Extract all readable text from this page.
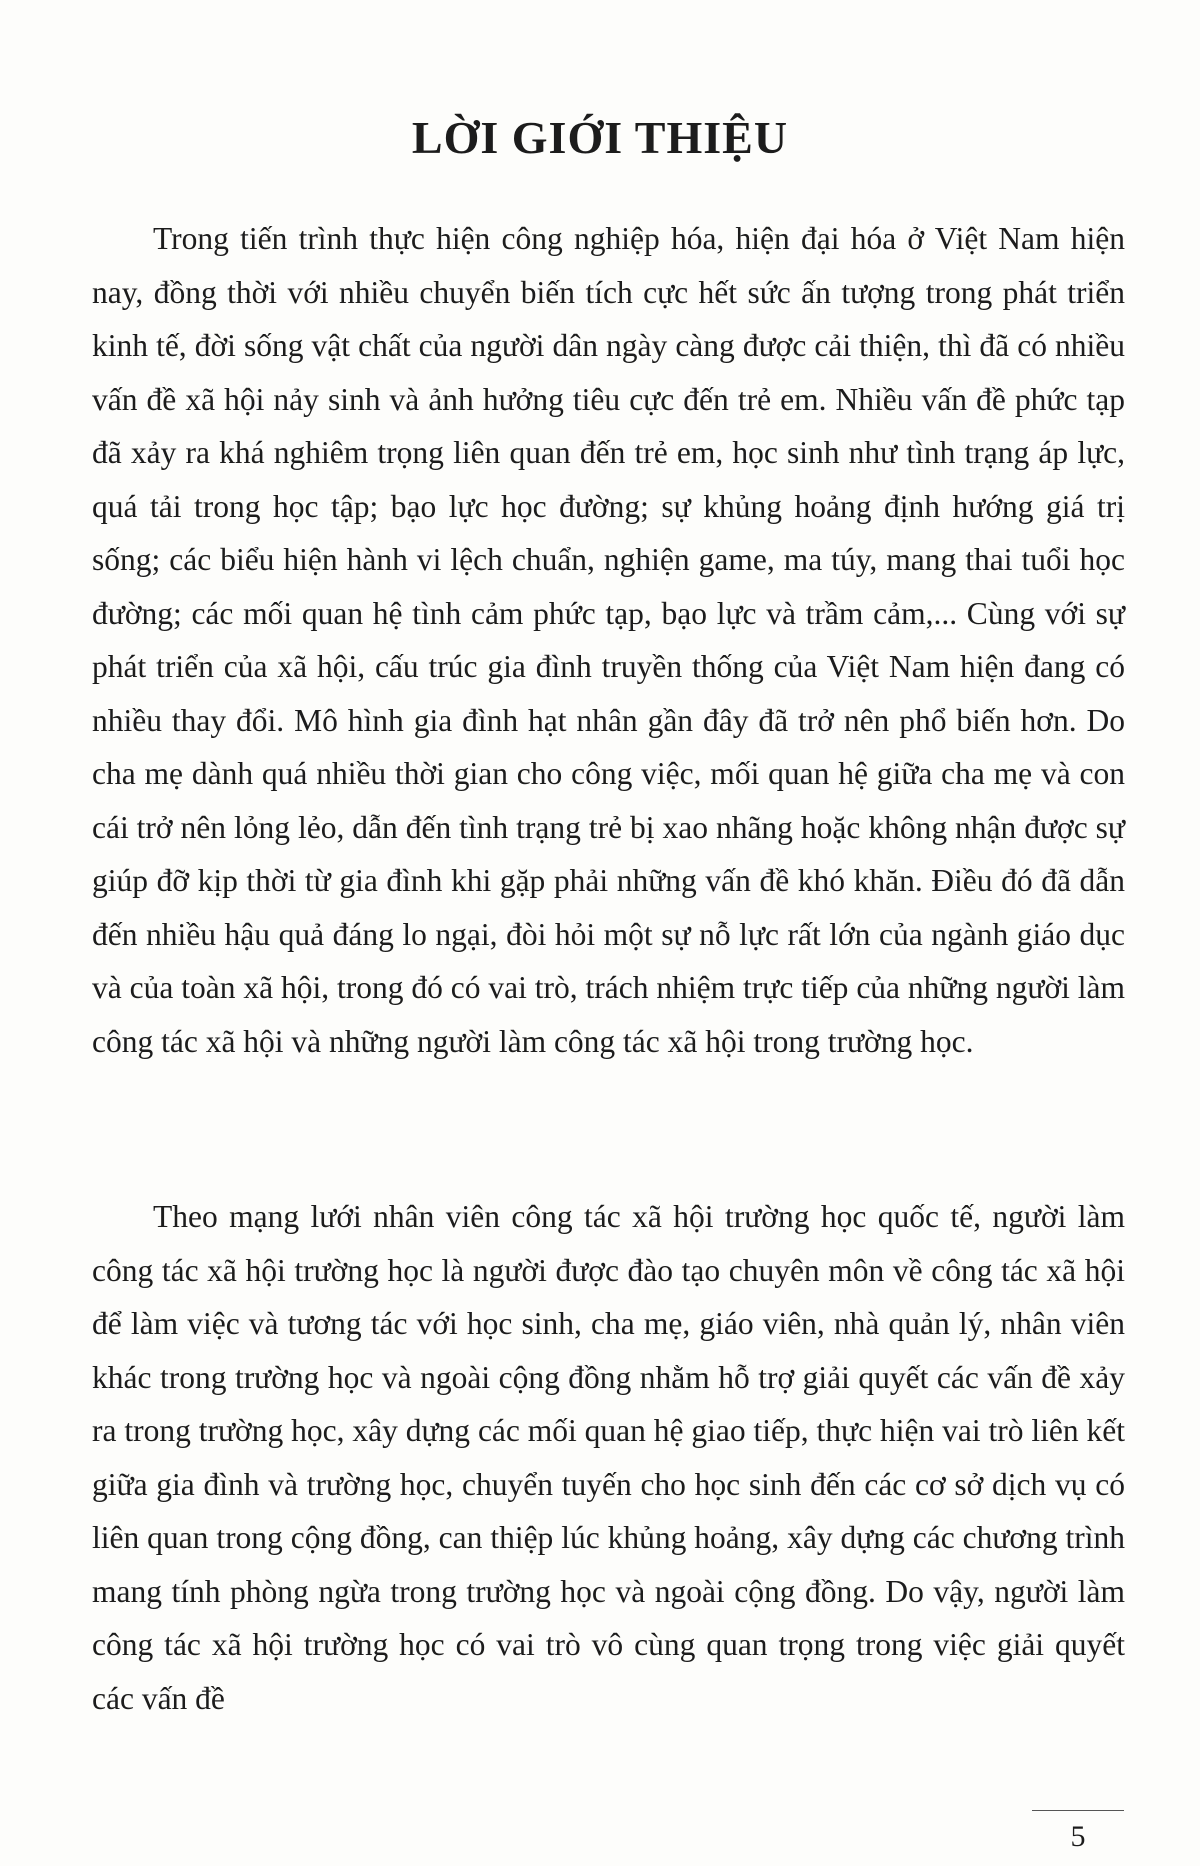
LỜI GIỚI THIỆU

Trong tiến trình thực hiện công nghiệp hóa, hiện đại hóa ở Việt Nam hiện nay, đồng thời với nhiều chuyển biến tích cực hết sức ấn tượng trong phát triển kinh tế, đời sống vật chất của người dân ngày càng được cải thiện, thì đã có nhiều vấn đề xã hội nảy sinh và ảnh hưởng tiêu cực đến trẻ em. Nhiều vấn đề phức tạp đã xảy ra khá nghiêm trọng liên quan đến trẻ em, học sinh như tình trạng áp lực, quá tải trong học tập; bạo lực học đường; sự khủng hoảng định hướng giá trị sống; các biểu hiện hành vi lệch chuẩn, nghiện game, ma túy, mang thai tuổi học đường; các mối quan hệ tình cảm phức tạp, bạo lực và trầm cảm,... Cùng với sự phát triển của xã hội, cấu trúc gia đình truyền thống của Việt Nam hiện đang có nhiều thay đổi. Mô hình gia đình hạt nhân gần đây đã trở nên phổ biến hơn. Do cha mẹ dành quá nhiều thời gian cho công việc, mối quan hệ giữa cha mẹ và con cái trở nên lỏng lẻo, dẫn đến tình trạng trẻ bị xao nhãng hoặc không nhận được sự giúp đỡ kịp thời từ gia đình khi gặp phải những vấn đề khó khăn. Điều đó đã dẫn đến nhiều hậu quả đáng lo ngại, đòi hỏi một sự nỗ lực rất lớn của ngành giáo dục và của toàn xã hội, trong đó có vai trò, trách nhiệm trực tiếp của những người làm công tác xã hội và những người làm công tác xã hội trong trường học.

Theo mạng lưới nhân viên công tác xã hội trường học quốc tế, người làm công tác xã hội trường học là người được đào tạo chuyên môn về công tác xã hội để làm việc và tương tác với học sinh, cha mẹ, giáo viên, nhà quản lý, nhân viên khác trong trường học và ngoài cộng đồng nhằm hỗ trợ giải quyết các vấn đề xảy ra trong trường học, xây dựng các mối quan hệ giao tiếp, thực hiện vai trò liên kết giữa gia đình và trường học, chuyển tuyến cho học sinh đến các cơ sở dịch vụ có liên quan trong cộng đồng, can thiệp lúc khủng hoảng, xây dựng các chương trình mang tính phòng ngừa trong trường học và ngoài cộng đồng. Do vậy, người làm công tác xã hội trường học có vai trò vô cùng quan trọng trong việc giải quyết các vấn đề

5
